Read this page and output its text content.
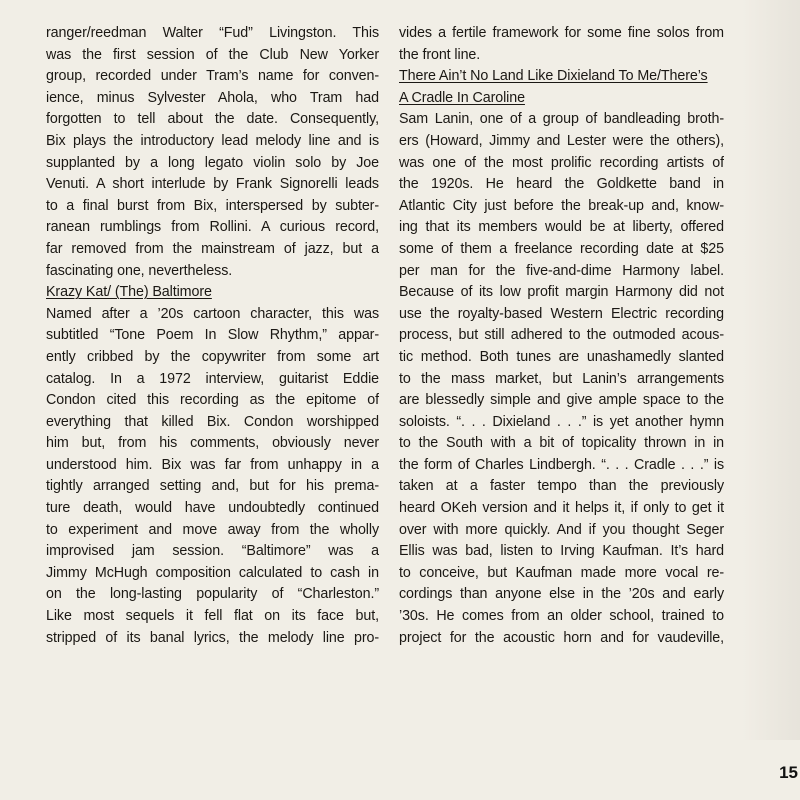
ranger/reedman Walter “Fud” Livingston. This
was the first session of the Club New Yorker
group, recorded under Tram’s name for conven-
ience, minus Sylvester Ahola, who Tram had
forgotten to tell about the date. Consequently,
Bix plays the introductory lead melody line and is
supplanted by a long legato violin solo by Joe
Venuti. A short interlude by Frank Signorelli leads
to a final burst from Bix, interspersed by subter-
ranean rumblings from Rollini. A curious record,
far removed from the mainstream of jazz, but a
fascinating one, nevertheless.
Krazy Kat/ (The) Baltimore
Named after a ’20s cartoon character, this was
subtitled “Tone Poem In Slow Rhythm,” appar-
ently cribbed by the copywriter from some art
catalog. In a 1972 interview, guitarist Eddie
Condon cited this recording as the epitome of
everything that killed Bix. Condon worshipped
him but, from his comments, obviously never
understood him. Bix was far from unhappy in a
tightly arranged setting and, but for his prema-
ture death, would have undoubtedly continued
to experiment and move away from the wholly
improvised jam session. “Baltimore” was a
Jimmy McHugh composition calculated to cash in
on the long-lasting popularity of “Charleston.”
Like most sequels it fell flat on its face but,
stripped of its banal lyrics, the melody line pro-
vides a fertile framework for some fine solos from
the front line.
There Ain’t No Land Like Dixieland To Me/There’s
A Cradle In Caroline
Sam Lanin, one of a group of bandleading broth-
ers (Howard, Jimmy and Lester were the others),
was one of the most prolific recording artists of
the 1920s. He heard the Goldkette band in
Atlantic City just before the break-up and, know-
ing that its members would be at liberty, offered
some of them a freelance recording date at $25
per man for the five-and-dime Harmony label.
Because of its low profit margin Harmony did not
use the royalty-based Western Electric recording
process, but still adhered to the outmoded acous-
tic method. Both tunes are unashamedly slanted
to the mass market, but Lanin’s arrangements
are blessedly simple and give ample space to the
soloists. “. . . Dixieland . . .” is yet another hymn
to the South with a bit of topicality thrown in in
the form of Charles Lindbergh. “. . . Cradle . . .” is
taken at a faster tempo than the previously
heard OKeh version and it helps it, if only to get it
over with more quickly. And if you thought Seger
Ellis was bad, listen to Irving Kaufman. It’s hard
to conceive, but Kaufman made more vocal re-
cordings than anyone else in the ’20s and early
’30s. He comes from an older school, trained to
project for the acoustic horn and for vaudeville,
15
